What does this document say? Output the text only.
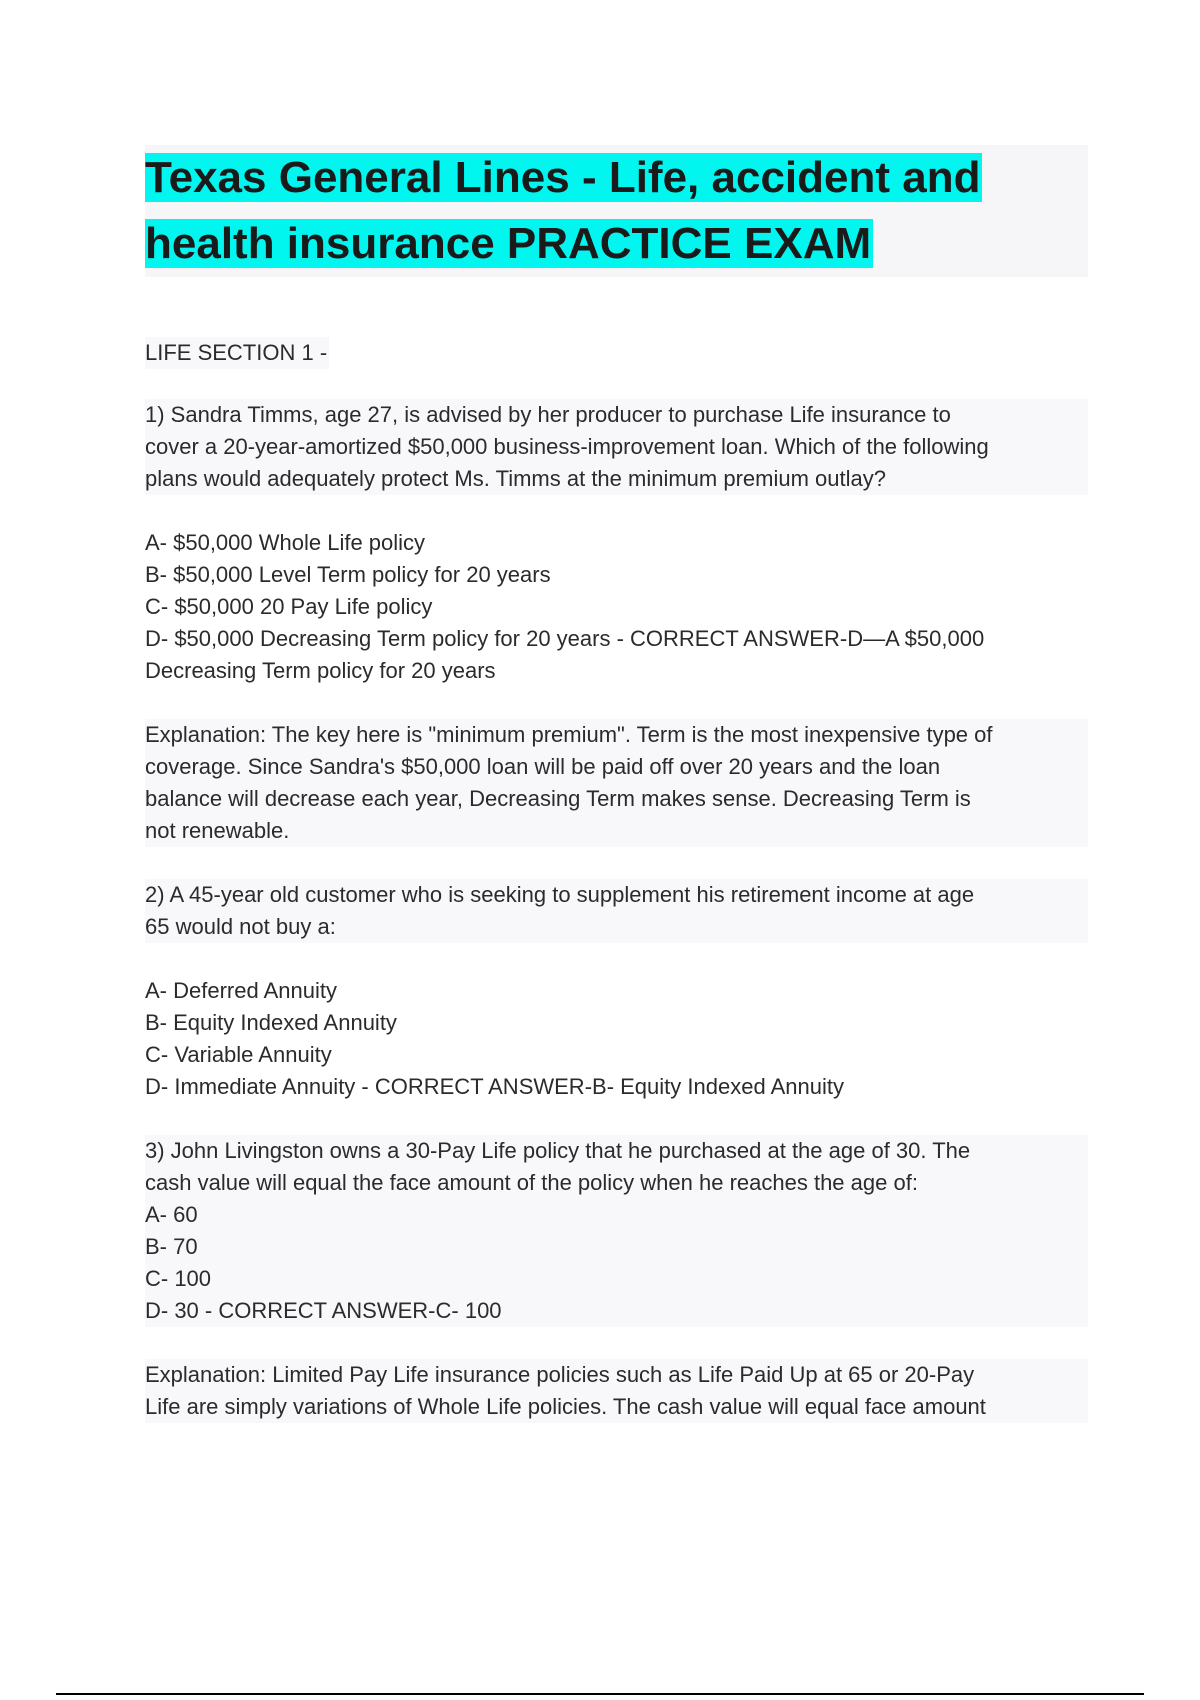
Texas General Lines - Life, accident and
health insurance PRACTICE EXAM
LIFE SECTION 1 -
1) Sandra Timms, age 27, is advised by her producer to purchase Life insurance to
cover a 20-year-amortized $50,000 business-improvement loan. Which of the following
plans would adequately protect Ms. Timms at the minimum premium outlay?
A- $50,000 Whole Life policy
B- $50,000 Level Term policy for 20 years
C- $50,000 20 Pay Life policy
D- $50,000 Decreasing Term policy for 20 years - CORRECT ANSWER-D—A $50,000
Decreasing Term policy for 20 years
Explanation: The key here is "minimum premium". Term is the most inexpensive type of
coverage. Since Sandra's $50,000 loan will be paid off over 20 years and the loan
balance will decrease each year, Decreasing Term makes sense. Decreasing Term is
not renewable.
2) A 45-year old customer who is seeking to supplement his retirement income at age
65 would not buy a:
A- Deferred Annuity
B- Equity Indexed Annuity
C- Variable Annuity
D- Immediate Annuity - CORRECT ANSWER-B- Equity Indexed Annuity
3) John Livingston owns a 30-Pay Life policy that he purchased at the age of 30. The
cash value will equal the face amount of the policy when he reaches the age of:
A- 60
B- 70
C- 100
D- 30 - CORRECT ANSWER-C- 100
Explanation: Limited Pay Life insurance policies such as Life Paid Up at 65 or 20-Pay
Life are simply variations of Whole Life policies. The cash value will equal face amount
